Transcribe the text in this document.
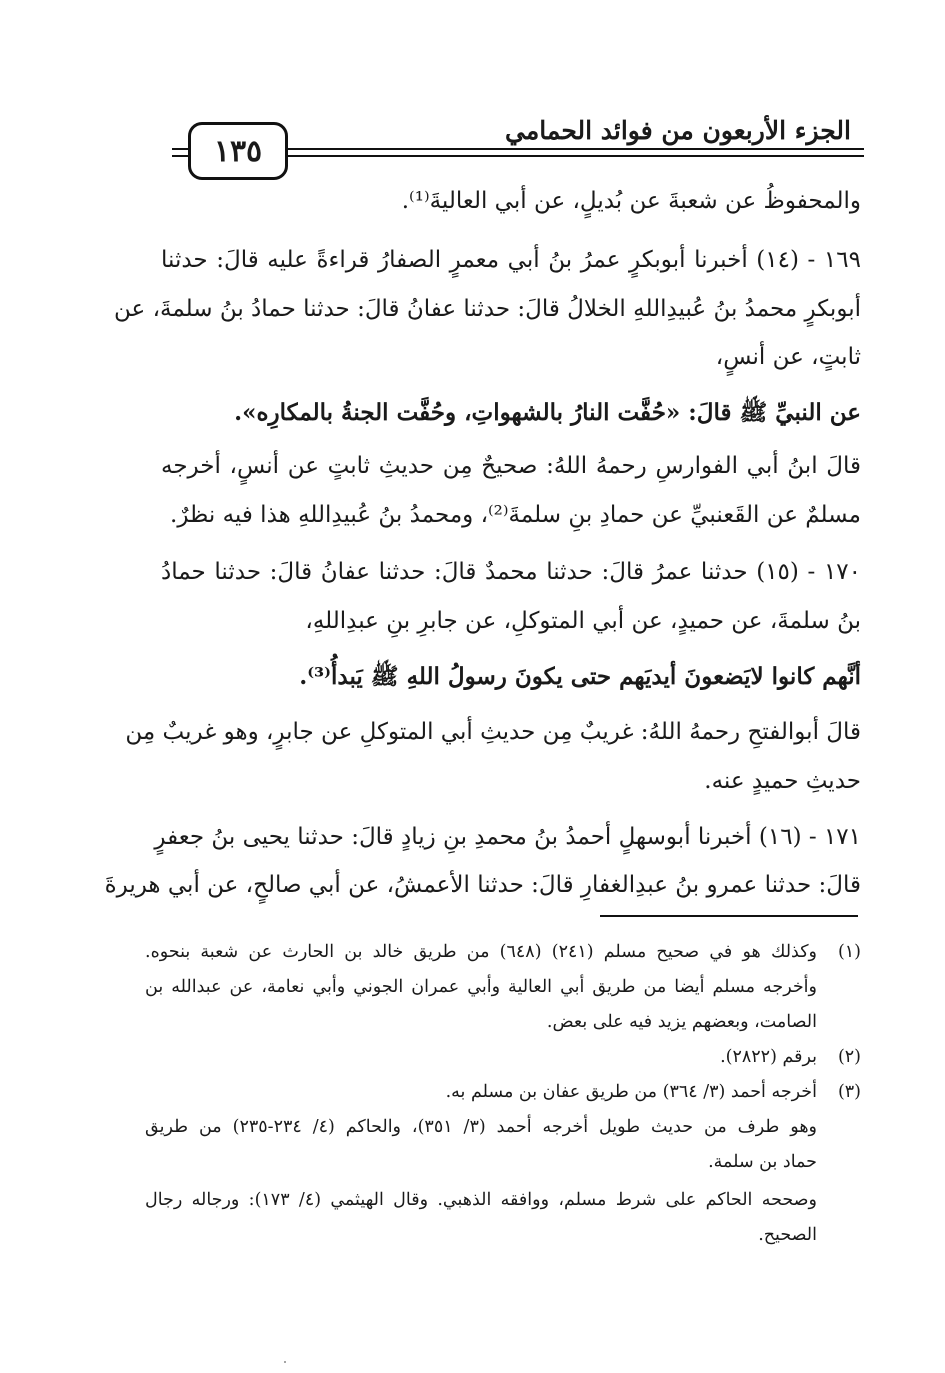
١٣٥
الجزء الأربعون من فوائد الحمامي
والمحفوظُ عن شعبةَ عن بُديلٍ، عن أبي العاليةَ⁽¹⁾.
١٦٩ - (١٤) أخبرنا أبوبكرٍ عمرُ بنُ أبي معمرٍ الصفارُ قراءةً عليه قالَ: حدثنا
أبوبكرٍ محمدُ بنُ عُبيدِاللهِ الخلالُ قالَ: حدثنا عفانُ قالَ: حدثنا حمادُ بنُ سلمةَ، عن
ثابتٍ، عن أنسٍ،
عن النبيِّ ﷺ قالَ: «حُفَّت النارُ بالشهواتِ، وحُفَّت الجنةُ بالمكارِه».
قالَ ابنُ أبي الفوارسِ رحمهُ اللهُ: صحيحٌ مِن حديثِ ثابتٍ عن أنسٍ، أخرجه
مسلمٌ عن القَعنبيِّ عن حمادِ بنِ سلمةَ⁽²⁾، ومحمدُ بنُ عُبيدِاللهِ هذا فيه نظرٌ.
١٧٠ - (١٥) حدثنا عمرُ قالَ: حدثنا محمدٌ قالَ: حدثنا عفانُ قالَ: حدثنا حمادُ
بنُ سلمةَ، عن حميدٍ، عن أبي المتوكلِ، عن جابرِ بنِ عبدِاللهِ،
أنَّهم كانوا لايَضعونَ أيديَهم حتى يكونَ رسولُ اللهِ ﷺ يَبدأُ⁽³⁾.
قالَ أبوالفتحِ رحمهُ اللهُ: غريبٌ مِن حديثِ أبي المتوكلِ عن جابرٍ، وهو غريبٌ مِن
حديثِ حميدٍ عنه.
١٧١ - (١٦) أخبرنا أبوسهلٍ أحمدُ بنُ محمدِ بنِ زيادٍ قالَ: حدثنا يحيى بنُ جعفرٍ
قالَ: حدثنا عمرو بنُ عبدِالغفارِ قالَ: حدثنا الأعمشُ، عن أبي صالحٍ، عن أبي هريرةَ
(١)
وكذلك هو في صحيح مسلم (٢٤١) (٦٤٨) من طريق خالد بن الحارث عن شعبة بنحوه.
وأخرجه مسلم أيضا من طريق أبي العالية وأبي عمران الجوني وأبي نعامة، عن عبدالله بن
الصامت، وبعضهم يزيد فيه على بعض.
(٢)
برقم (٢٨٢٢).
(٣)
أخرجه أحمد (٣/ ٣٦٤) من طريق عفان بن مسلم به.
وهو طرف من حديث طويل أخرجه أحمد (٣/ ٣٥١)، والحاكم (٤/ ٢٣٤-٢٣٥) من طريق
حماد بن سلمة.
وصححه الحاكم على شرط مسلم، ووافقه الذهبي. وقال الهيثمي (٤/ ١٧٣): ورجاله رجال
الصحيح.
